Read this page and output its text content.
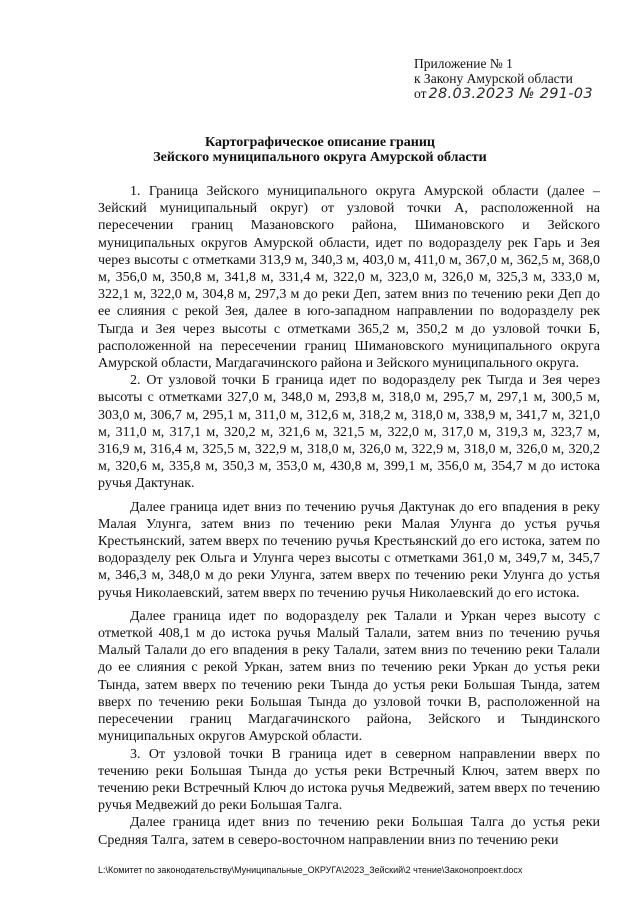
Приложение № 1
к Закону Амурской области
от 28.03.2023 № 291-03
Картографическое описание границ
Зейского муниципального округа Амурской области

1. Граница Зейского муниципального округа Амурской области (далее – Зейский муниципальный округ) от узловой точки А, расположенной на пересечении границ Мазановского района, Шимановского и Зейского муниципальных округов Амурской области, идет по водоразделу рек Гарь и Зея через высоты с отметками 313,9 м, 340,3 м, 403,0 м, 411,0 м, 367,0 м, 362,5 м, 368,0 м, 356,0 м, 350,8 м, 341,8 м, 331,4 м, 322,0 м, 323,0 м, 326,0 м, 325,3 м, 333,0 м, 322,1 м, 322,0 м, 304,8 м, 297,3 м до реки Деп, затем вниз по течению реки Деп до ее слияния с рекой Зея, далее в юго-западном направлении по водоразделу рек Тыгда и Зея через высоты с отметками 365,2 м, 350,2 м до узловой точки Б, расположенной на пересечении границ Шимановского муниципального округа Амурской области, Магдагачинского района и Зейского муниципального округа.

2. От узловой точки Б граница идет по водоразделу рек Тыгда и Зея через высоты с отметками 327,0 м, 348,0 м, 293,8 м, 318,0 м, 295,7 м, 297,1 м, 300,5 м, 303,0 м, 306,7 м, 295,1 м, 311,0 м, 312,6 м, 318,2 м, 318,0 м, 338,9 м, 341,7 м, 321,0 м, 311,0 м, 317,1 м, 320,2 м, 321,6 м, 321,5 м, 322,0 м, 317,0 м, 319,3 м, 323,7 м, 316,9 м, 316,4 м, 325,5 м, 322,9 м, 318,0 м, 326,0 м, 322,9 м, 318,0 м, 326,0 м, 320,2 м, 320,6 м, 335,8 м, 350,3 м, 353,0 м, 430,8 м, 399,1 м, 356,0 м, 354,7 м до истока ручья Дактунак.

Далее граница идет вниз по течению ручья Дактунак до его впадения в реку Малая Улунга, затем вниз по течению реки Малая Улунга до устья ручья Крестьянский, затем вверх по течению ручья Крестьянский до его истока, затем по водоразделу рек Ольга и Улунга через высоты с отметками 361,0 м, 349,7 м, 345,7 м, 346,3 м, 348,0 м до реки Улунга, затем вверх по течению реки Улунга до устья ручья Николаевский, затем вверх по течению ручья Николаевский до его истока.

Далее граница идет по водоразделу рек Талали и Уркан через высоту с отметкой 408,1 м до истока ручья Малый Талали, затем вниз по течению ручья Малый Талали до его впадения в реку Талали, затем вниз по течению реки Талали до ее слияния с рекой Уркан, затем вниз по течению реки Уркан до устья реки Тында, затем вверх по течению реки Тында до устья реки Большая Тында, затем вверх по течению реки Большая Тында до узловой точки В, расположенной на пересечении границ Магдагачинского района, Зейского и Тындинского муниципальных округов Амурской области.

3. От узловой точки В граница идет в северном направлении вверх по течению реки Большая Тында до устья реки Встречный Ключ, затем вверх по течению реки Встречный Ключ до истока ручья Медвежий, затем вверх по течению ручья Медвежий до реки Большая Талга.

Далее граница идет вниз по течению реки Большая Талга до устья реки Средняя Талга, затем в северо-восточном направлении вниз по течению реки

L:\Комитет по законодательству\Муниципальные_ОКРУГА\2023_Зейский\2 чтение\Законопроект.docx
